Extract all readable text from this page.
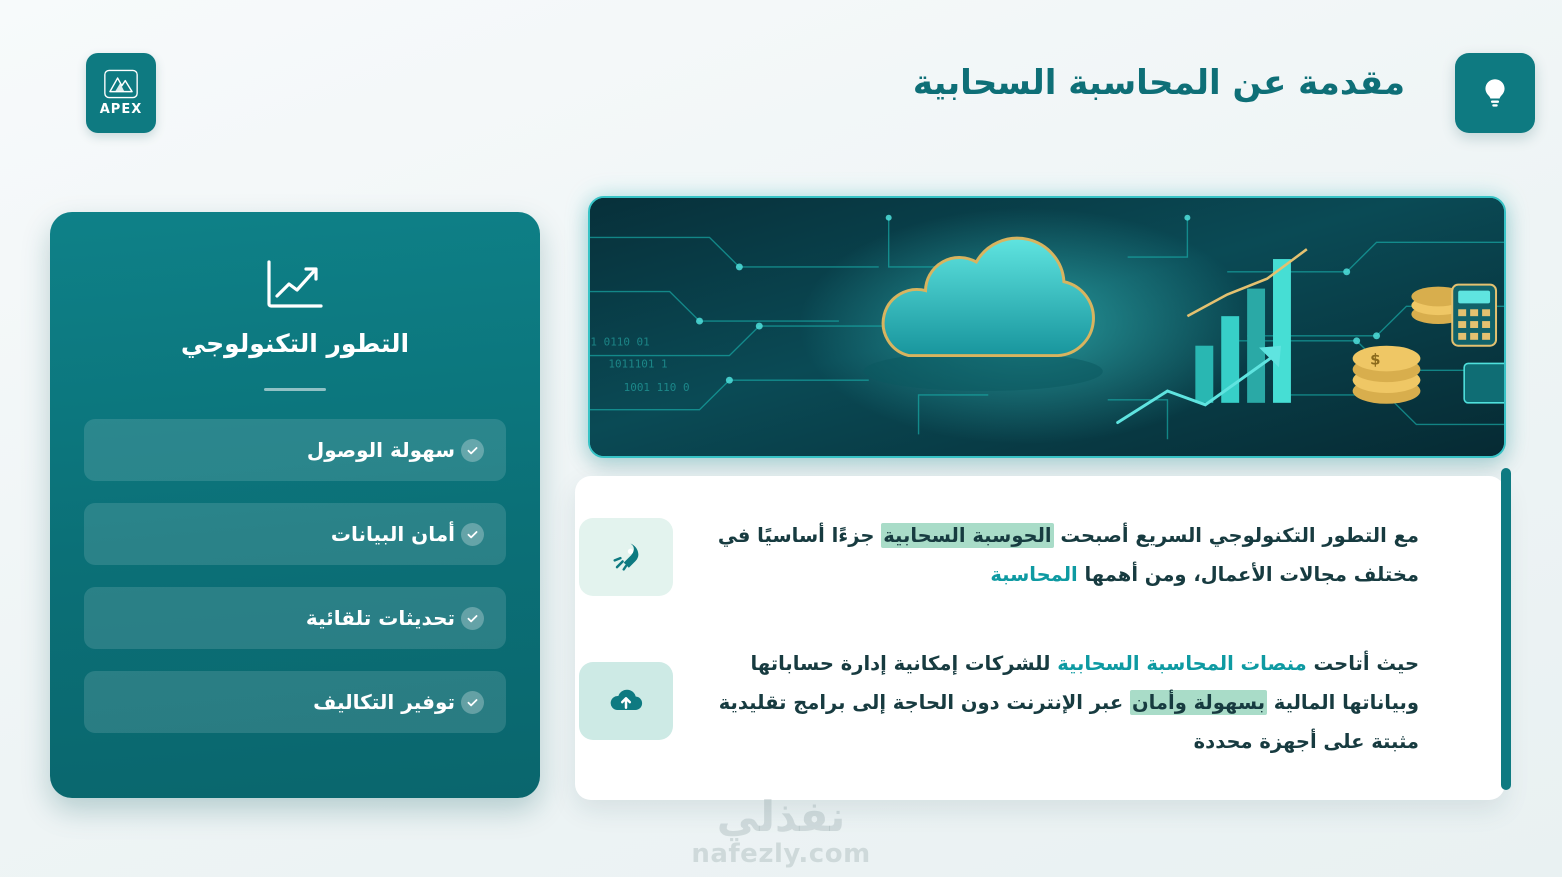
APEX
مقدمة عن المحاسبة السحابية
التطور التكنولوجي
سهولة الوصول
أمان البيانات
تحديثات تلقائية
توفير التكاليف
01 0110 1
1 1011101
0 110 1001
$

مع التطور التكنولوجي السريع أصبحت الحوسبة السحابية جزءًا أساسيًا في مختلف مجالات الأعمال، ومن أهمها المحاسبة

حيث أتاحت منصات المحاسبة السحابية للشركات إمكانية إدارة حساباتها وبياناتها المالية بسهولة وأمان عبر الإنترنت دون الحاجة إلى برامج تقليدية مثبتة على أجهزة محددة

نفذلي
nafezly.com
